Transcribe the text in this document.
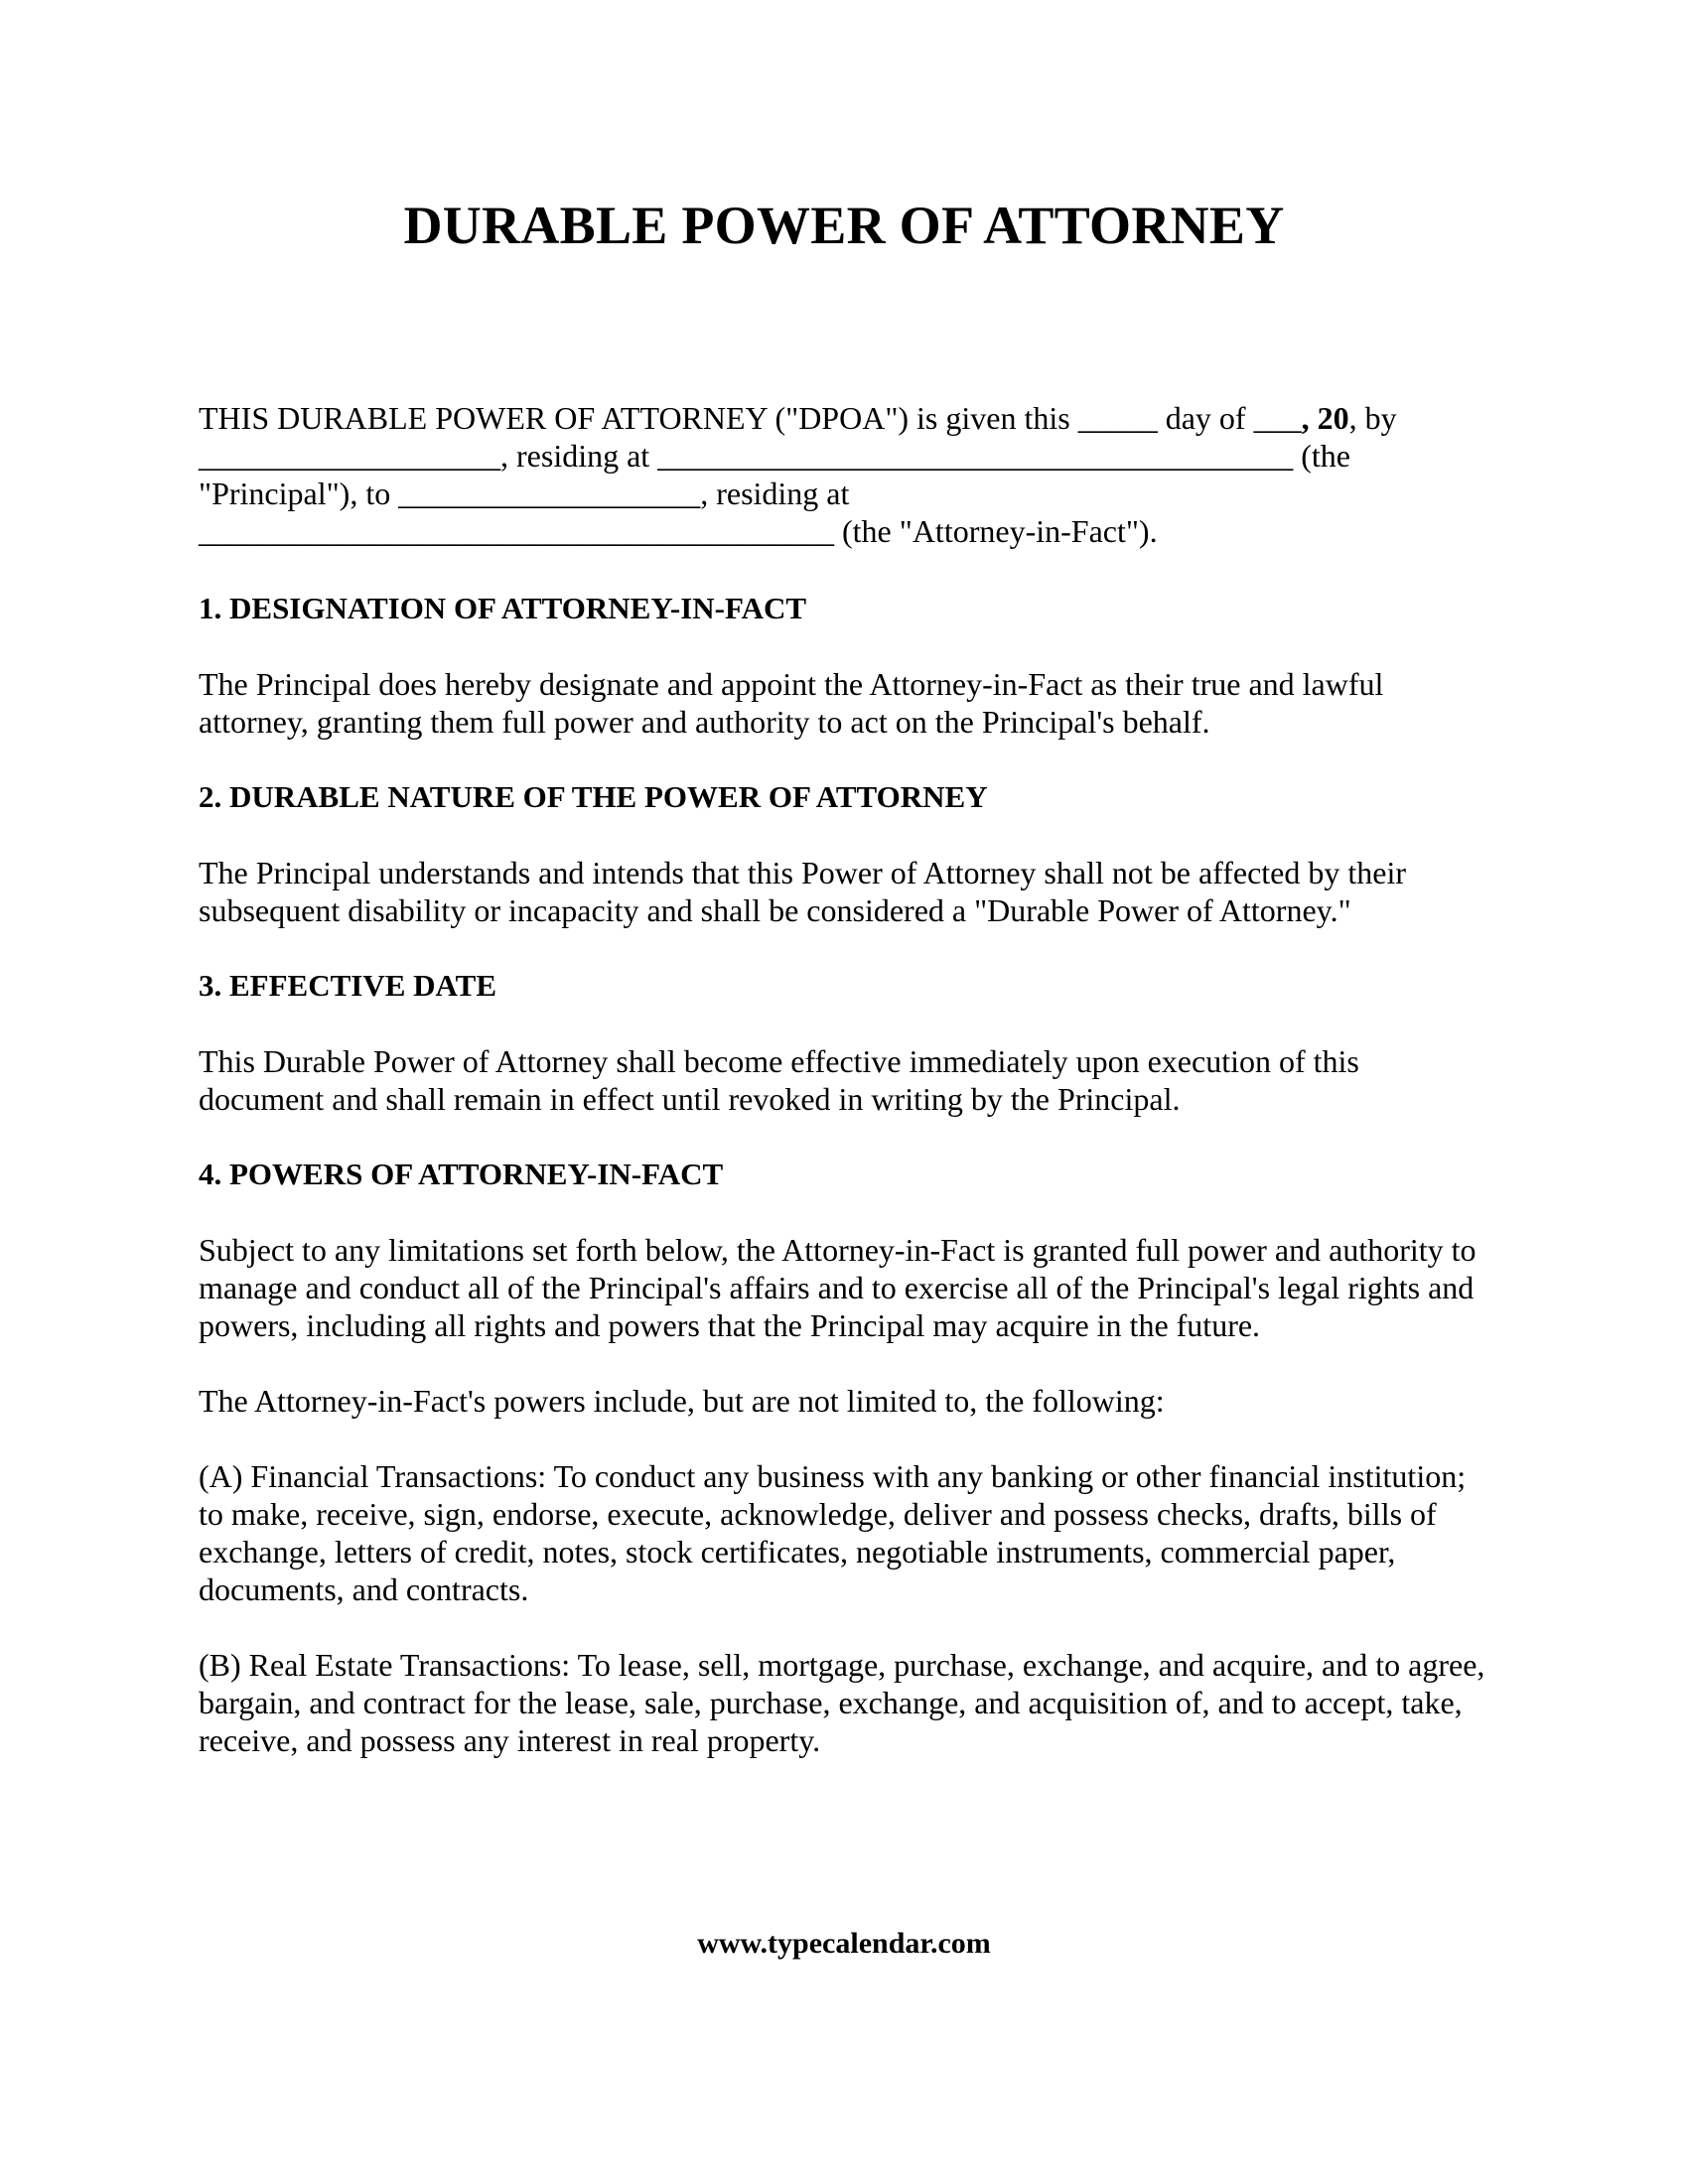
DURABLE POWER OF ATTORNEY

THIS DURABLE POWER OF ATTORNEY ("DPOA") is given this _____ day of ___, 20, by
___________________, residing at ________________________________________ (the
"Principal"), to ___________________, residing at
________________________________________ (the "Attorney-in-Fact").

1. DESIGNATION OF ATTORNEY-IN-FACT

The Principal does hereby designate and appoint the Attorney-in-Fact as their true and lawful attorney, granting them full power and authority to act on the Principal's behalf.

2. DURABLE NATURE OF THE POWER OF ATTORNEY

The Principal understands and intends that this Power of Attorney shall not be affected by their subsequent disability or incapacity and shall be considered a "Durable Power of Attorney."

3. EFFECTIVE DATE

This Durable Power of Attorney shall become effective immediately upon execution of this document and shall remain in effect until revoked in writing by the Principal.

4. POWERS OF ATTORNEY-IN-FACT

Subject to any limitations set forth below, the Attorney-in-Fact is granted full power and authority to manage and conduct all of the Principal's affairs and to exercise all of the Principal's legal rights and powers, including all rights and powers that the Principal may acquire in the future.

The Attorney-in-Fact's powers include, but are not limited to, the following:

(A) Financial Transactions: To conduct any business with any banking or other financial institution; to make, receive, sign, endorse, execute, acknowledge, deliver and possess checks, drafts, bills of exchange, letters of credit, notes, stock certificates, negotiable instruments, commercial paper, documents, and contracts.

(B) Real Estate Transactions: To lease, sell, mortgage, purchase, exchange, and acquire, and to agree, bargain, and contract for the lease, sale, purchase, exchange, and acquisition of, and to accept, take, receive, and possess any interest in real property.

www.typecalendar.com
